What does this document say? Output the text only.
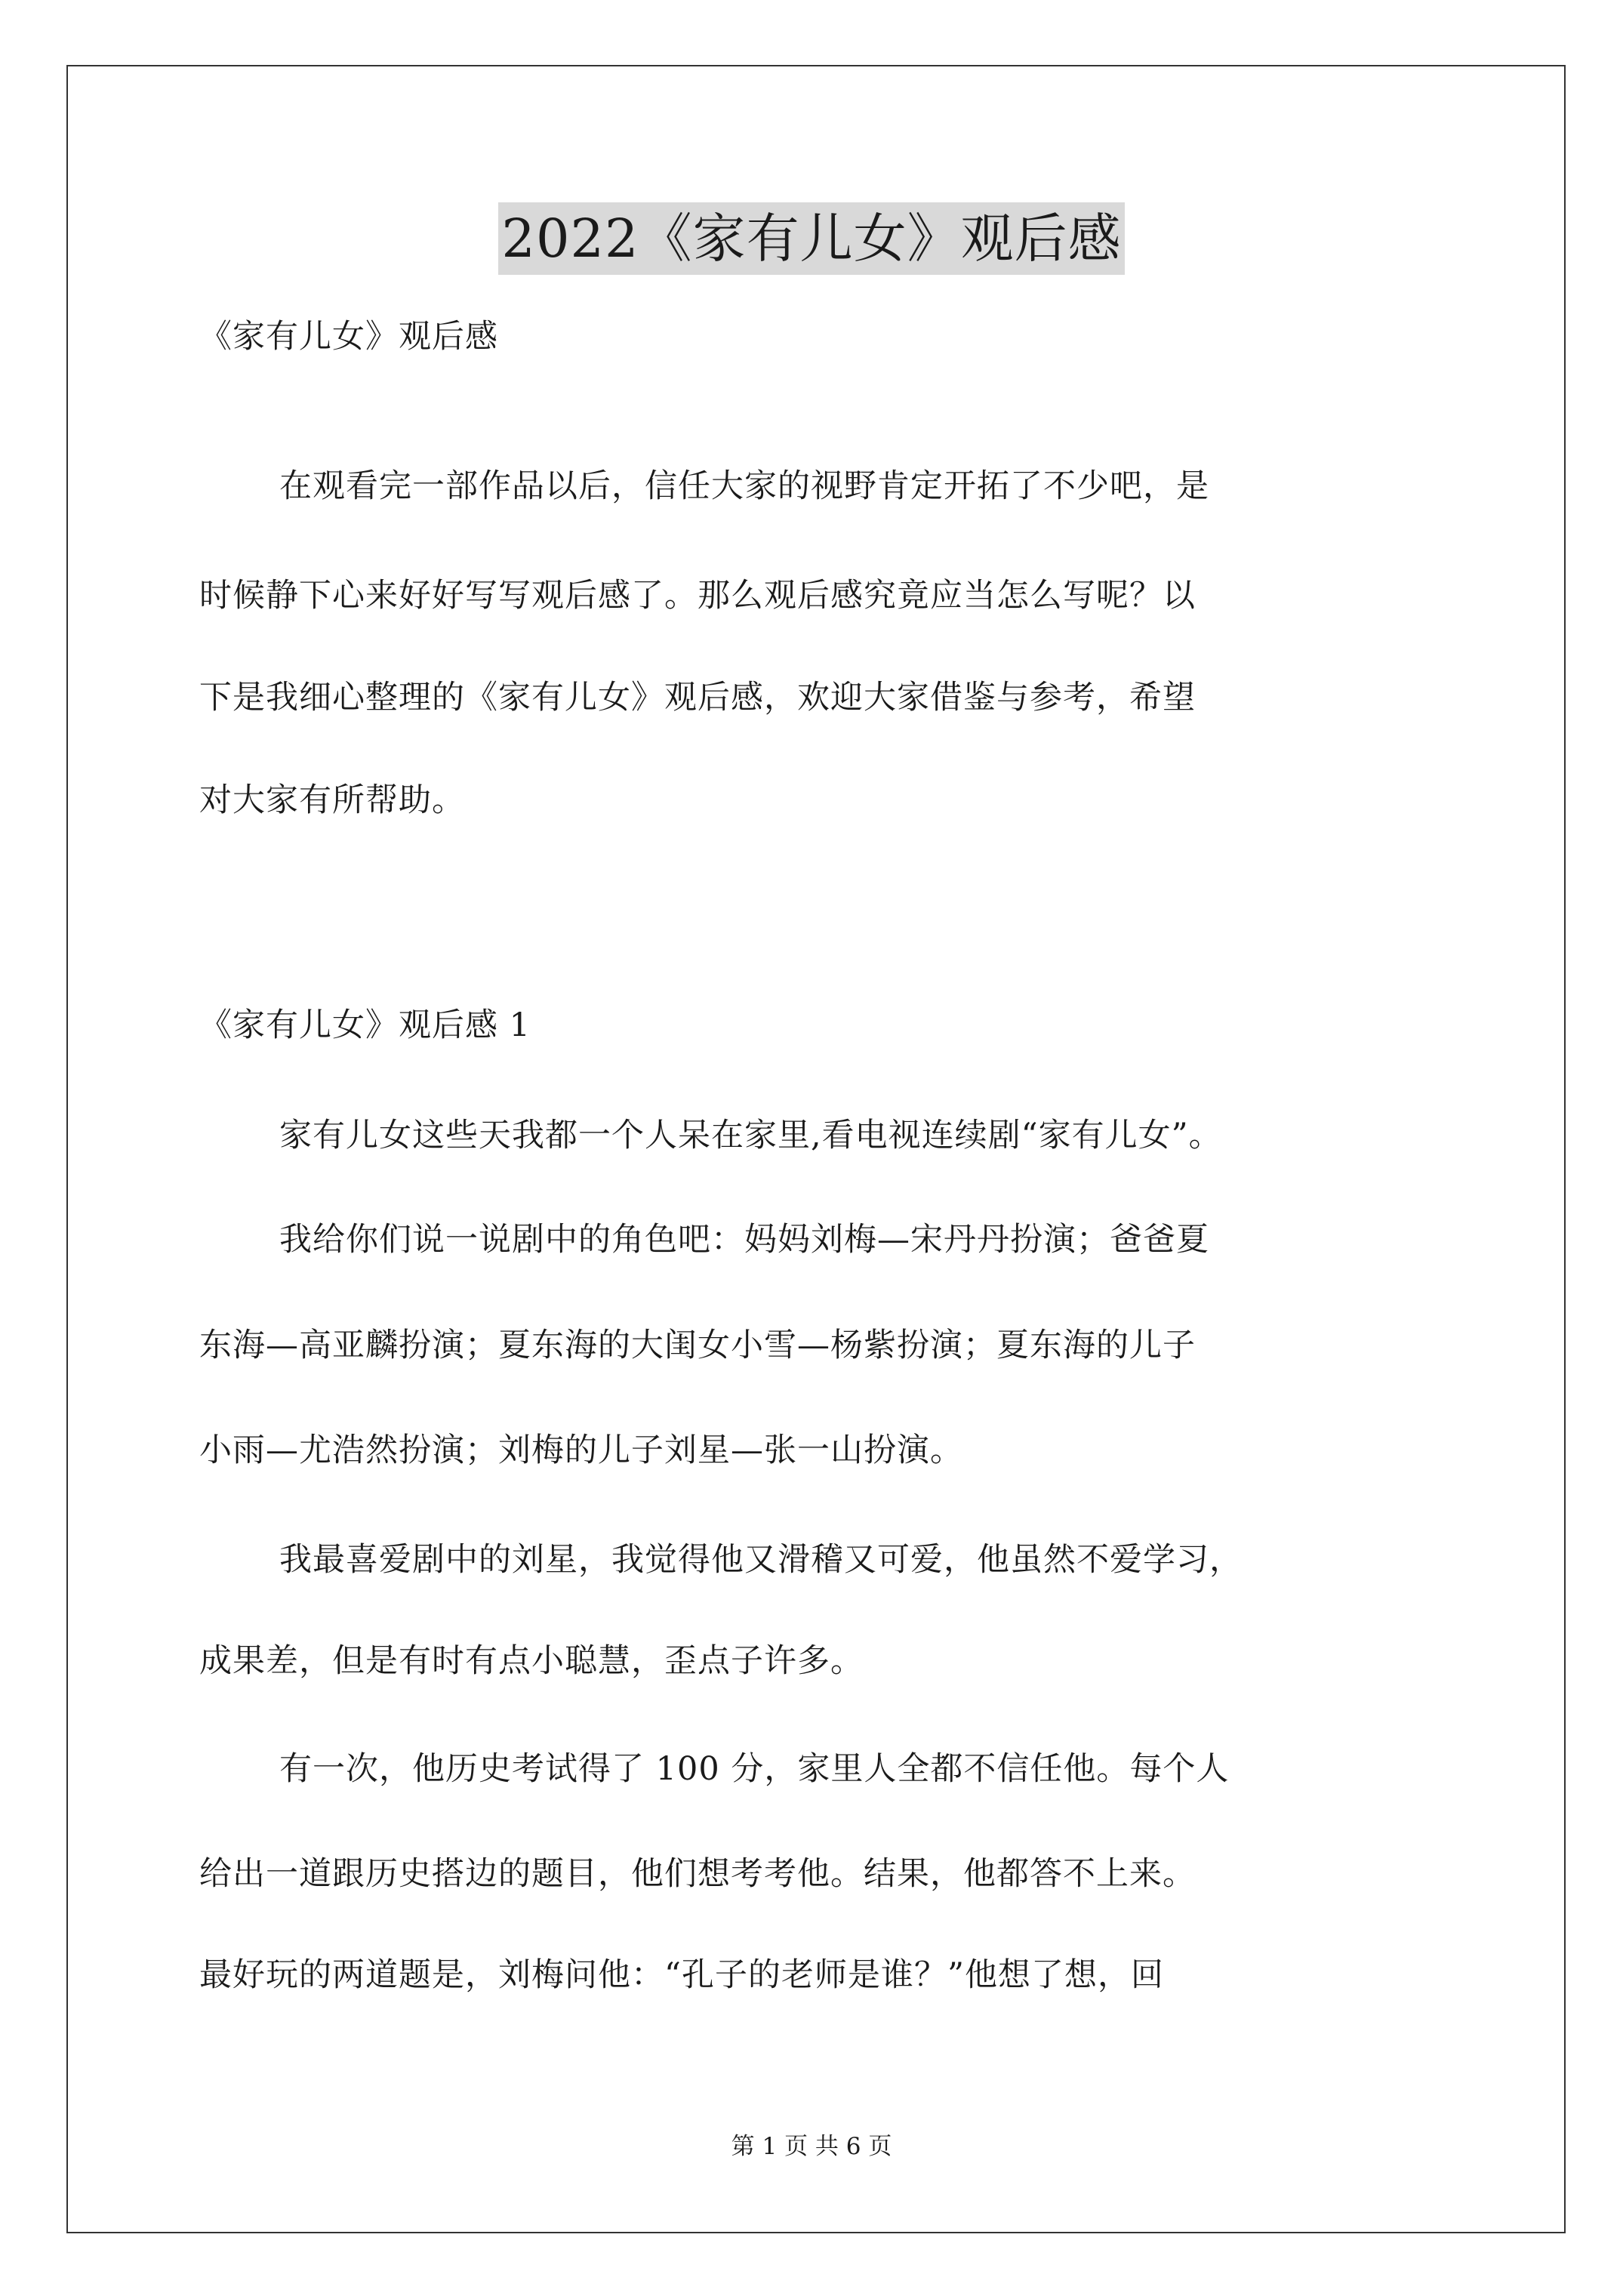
2022《家有儿女》观后感
《家有儿女》观后感
在观看完一部作品以后，信任大家的视野肯定开拓了不少吧，是
时候静下心来好好写写观后感了。那么观后感究竟应当怎么写呢？以
下是我细心整理的《家有儿女》观后感，欢迎大家借鉴与参考，希望
对大家有所帮助。
《家有儿女》观后感 1
家有儿女这些天我都一个人呆在家里,看电视连续剧“家有儿女”。
我给你们说一说剧中的角色吧：妈妈刘梅—宋丹丹扮演；爸爸夏
东海—高亚麟扮演；夏东海的大闺女小雪—杨紫扮演；夏东海的儿子
小雨—尤浩然扮演；刘梅的儿子刘星—张一山扮演。
我最喜爱剧中的刘星，我觉得他又滑稽又可爱，他虽然不爱学习，
成果差，但是有时有点小聪慧，歪点子许多。
有一次，他历史考试得了 100 分，家里人全都不信任他。每个人
给出一道跟历史搭边的题目，他们想考考他。结果，他都答不上来。
最好玩的两道题是，刘梅问他：“孔子的老师是谁？”他想了想，回
第 1 页 共 6 页
